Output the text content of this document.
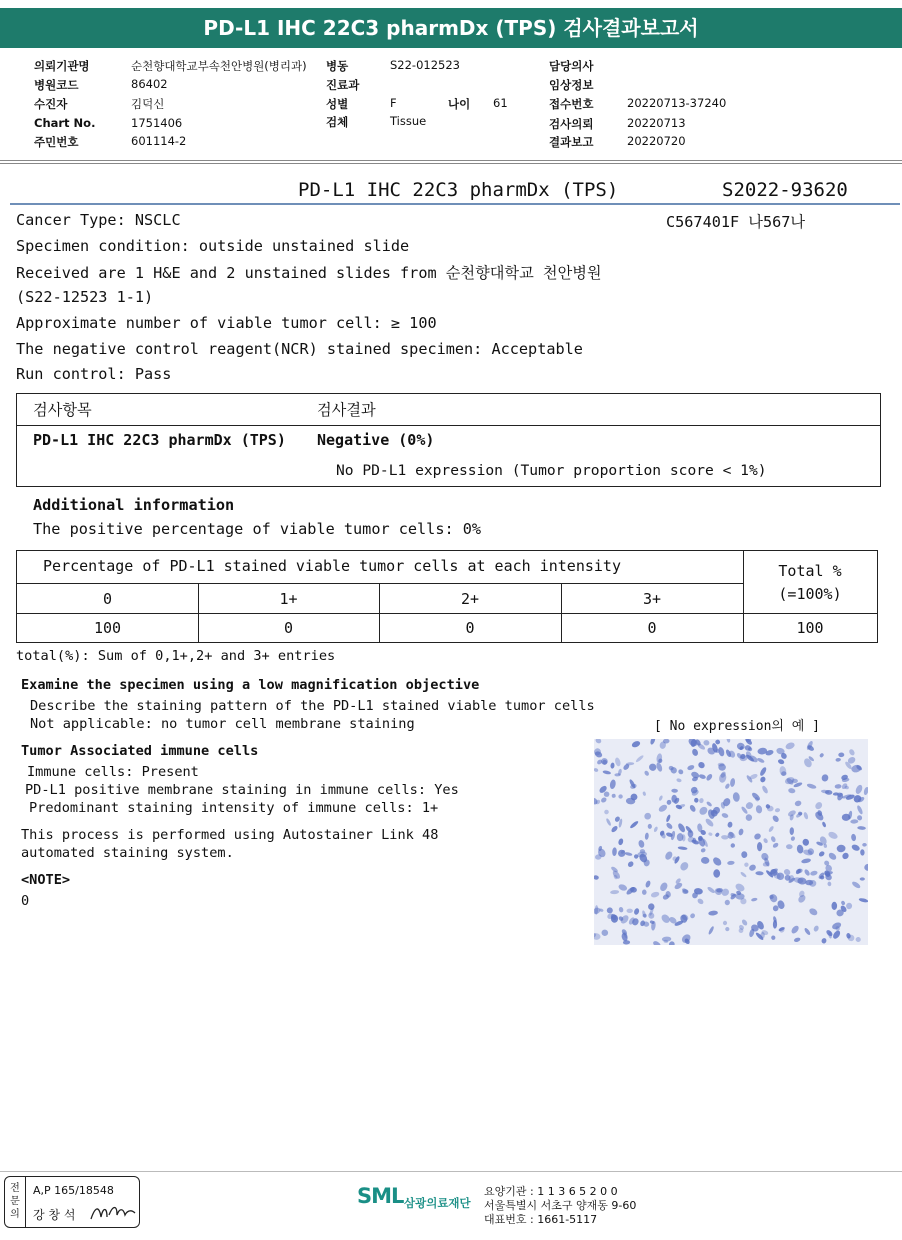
PD-L1 IHC 22C3 pharmDx (TPS) 검사결과보고서
의뢰기관명	순천향대학교부속천안병원(병리과) 병동	S22-012523	담당의사
병원코드	86402	진료과	임상정보
수진자	김덕신	성별	F	나이 61	접수번호	20220713-37240
Chart No.	1751406	검체	Tissue	검사의뢰	20220713
주민번호	601114-2	결과보고	20220720
PD-L1 IHC 22C3 pharmDx (TPS)	S2022-93620
Cancer Type: NSCLC	C567401F 나567나
Specimen condition: outside unstained slide
Received are 1 H&E and 2 unstained slides from 순천향대학교 천안병원
(S22-12523 1-1)
Approximate number of viable tumor cell: ≥ 100
The negative control reagent(NCR) stained specimen: Acceptable
Run control: Pass
검사항목	검사결과
PD-L1 IHC 22C3 pharmDx (TPS) Negative (0%)
No PD-L1 expression (Tumor proportion score < 1%)
Additional information
The positive percentage of viable tumor cells: 0%
Percentage of PD-L1 stained viable tumor cells at each intensity	Total %
(=100%)
0	1+	2+	3+
100	0	0	0	100
total(%): Sum of 0,1+,2+ and 3+ entries
Examine the specimen using a low magnification objective
Describe the staining pattern of the PD-L1 stained viable tumor cells
Not applicable: no tumor cell membrane staining	[ No expression의 예 ]
Tumor Associated immune cells
Immune cells: Present
PD-L1 positive membrane staining in immune cells: Yes
Predominant staining intensity of immune cells: 1+
This process is performed using Autostainer Link 48
automated staining system.
<NOTE>
0
전문의
A,P 165/18548
강 창 석
SML 삼광의료재단
요양기관 : 1 1 3 6 5 2 0 0
서울특별시 서초구 양재동 9-60
대표번호 : 1661-5117
